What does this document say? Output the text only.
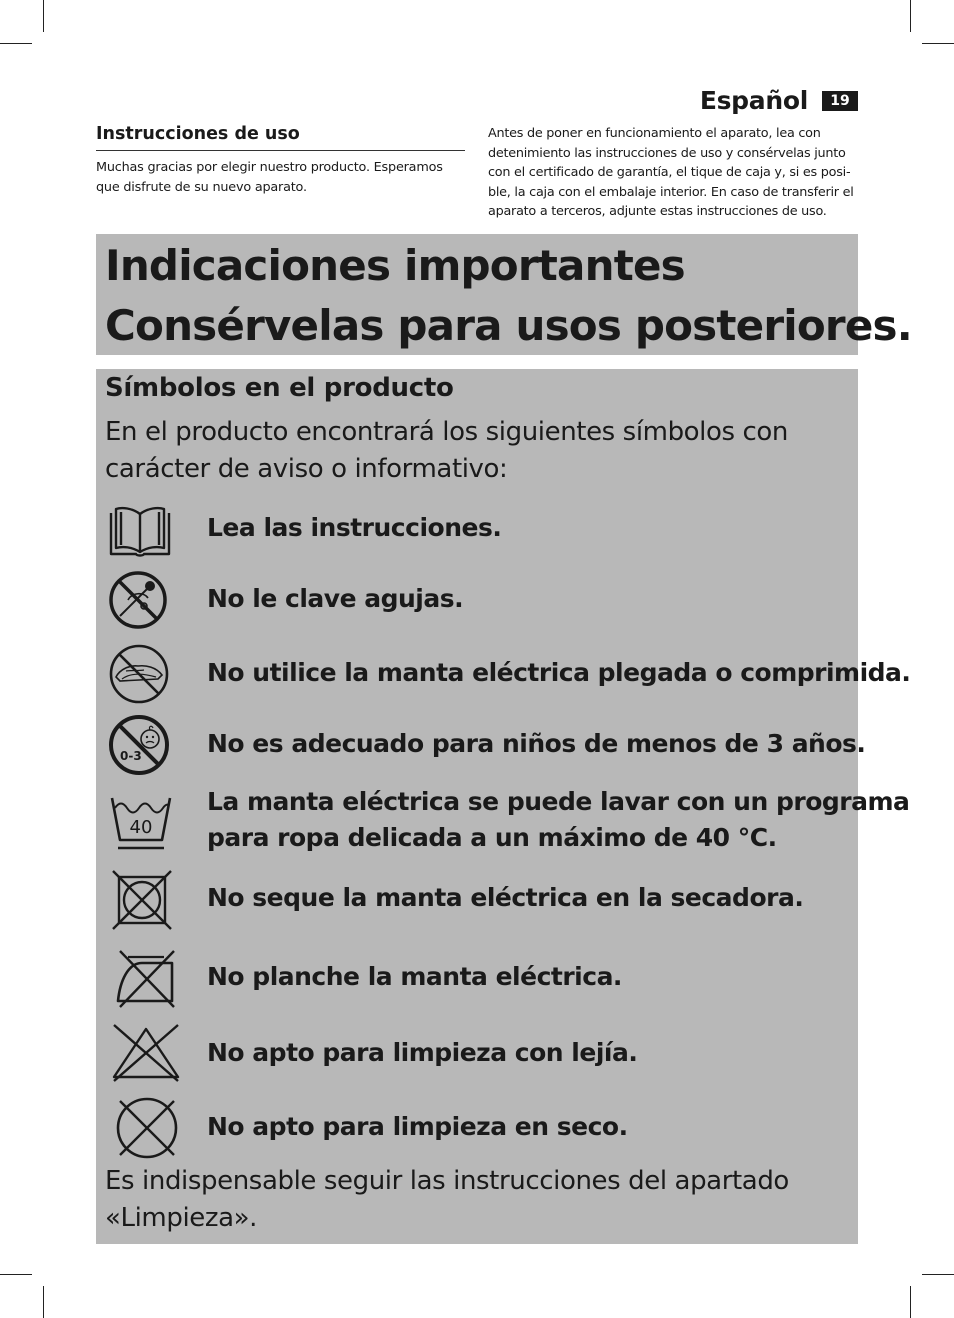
Español	19
Instrucciones de uso
Muchas gracias por elegir nuestro producto. Esperamos
que disfrute de su nuevo aparato.
Antes de poner en funcionamiento el aparato, lea con
detenimiento las instrucciones de uso y consérvelas junto
con el certificado de garantía, el tique de caja y, si es posi-
ble, la caja con el embalaje interior. En caso de transferir el
aparato a terceros, adjunte estas instrucciones de uso.
Indicaciones importantes
Consérvelas para usos posteriores.
Símbolos en el producto
En el producto encontrará los siguientes símbolos con carácter de aviso o informativo:
Lea las instrucciones.
No le clave agujas.
No utilice la manta eléctrica plegada o comprimida.
0-3	No es adecuado para niños de menos de 3 años.
40
La manta eléctrica se puede lavar con un programa
para ropa delicada a un máximo de 40 °C.
No seque la manta eléctrica en la secadora.
No planche la manta eléctrica.
No apto para limpieza con lejía.
No apto para limpieza en seco.
Es indispensable seguir las instrucciones del apartado «Limpieza».
